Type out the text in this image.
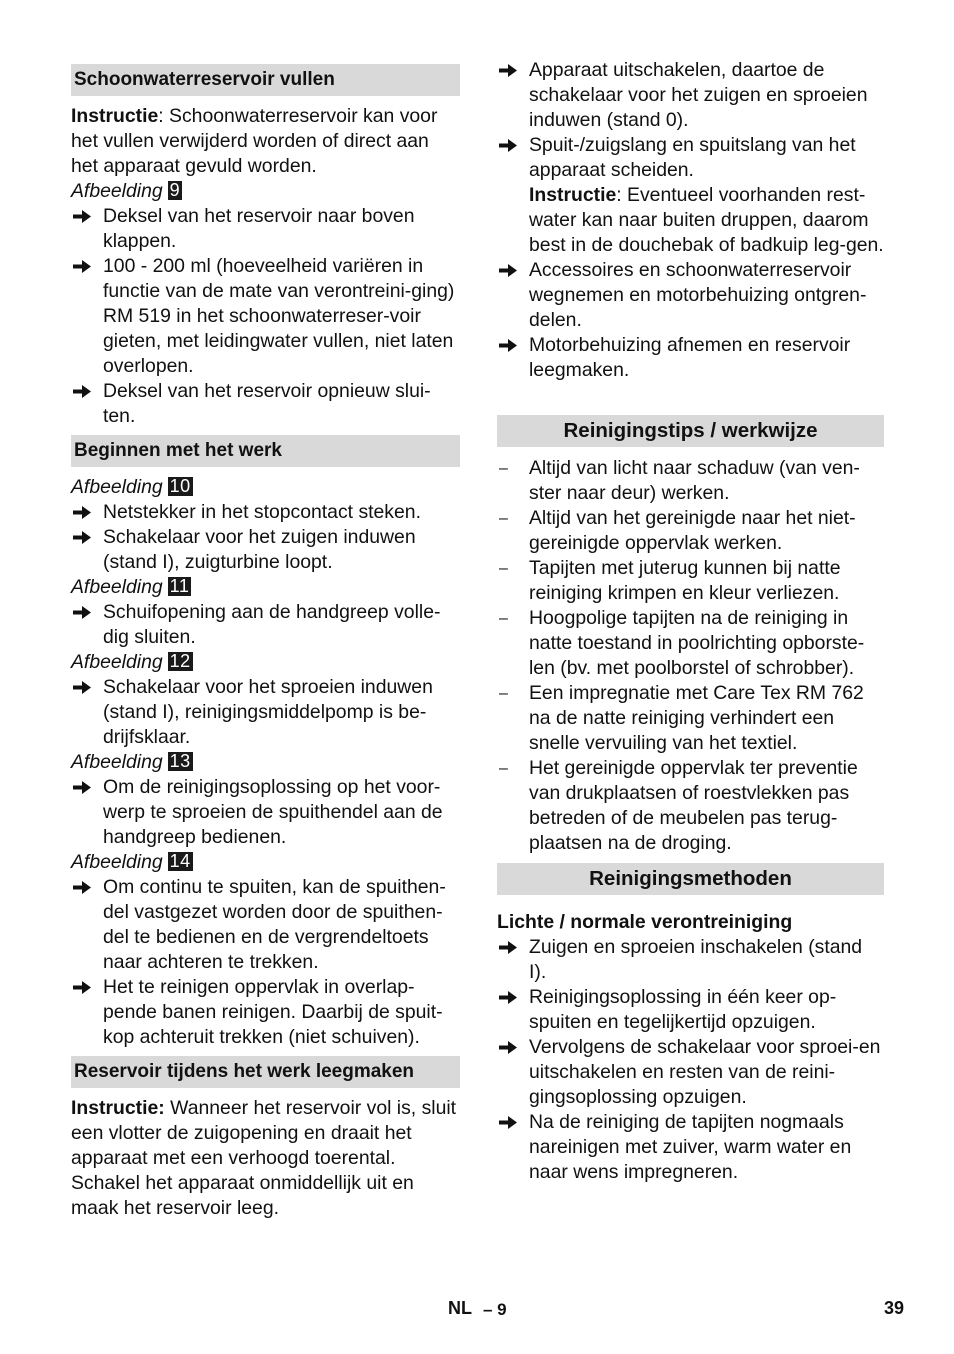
Schoonwaterreservoir vullen

Instructie: Schoonwaterreservoir kan voor het vullen verwijderd worden of direct aan het apparaat gevuld worden.

Afbeelding 9

Deksel van het reservoir naar boven klappen.

100 - 200 ml (hoeveelheid variëren in functie van de mate van verontreini-ging) RM 519 in het schoonwaterreser-voir gieten, met leidingwater vullen, niet laten overlopen.

Deksel van het reservoir opnieuw slui-ten.

Beginnen met het werk

Afbeelding 10

Netstekker in het stopcontact steken.

Schakelaar voor het zuigen induwen (stand I), zuigturbine loopt.

Afbeelding 11

Schuifopening aan de handgreep volle-dig sluiten.

Afbeelding 12

Schakelaar voor het sproeien induwen (stand I), reinigingsmiddelpomp is be-drijfsklaar.

Afbeelding 13

Om de reinigingsoplossing op het voor-werp te sproeien de spuithendel aan de handgreep bedienen.

Afbeelding 14

Om continu te spuiten, kan de spuithen-del vastgezet worden door de spuithen-del te bedienen en de vergrendeltoets naar achteren te trekken.

Het te reinigen oppervlak in overlap-pende banen reinigen. Daarbij de spuit-kop achteruit trekken (niet schuiven).

Reservoir tijdens het werk leegmaken

Instructie: Wanneer het reservoir vol is, sluit een vlotter de zuigopening en draait het apparaat met een verhoogd toerental. Schakel het apparaat onmiddellijk uit en maak het reservoir leeg.

Apparaat uitschakelen, daartoe de schakelaar voor het zuigen en sproeien induwen (stand 0).

Spuit-/zuigslang en spuitslang van het apparaat scheiden.

Instructie: Eventueel voorhanden rest-water kan naar buiten druppen, daarom best in de douchebak of badkuip leg-gen.

Accessoires en schoonwaterreservoir wegnemen en motorbehuizing ontgren-delen.

Motorbehuizing afnemen en reservoir leegmaken.

Reinigingstips / werkwijze

– Altijd van licht naar schaduw (van ven-ster naar deur) werken.

– Altijd van het gereinigde naar het niet-gereinigde oppervlak werken.

– Tapijten met juterug kunnen bij natte reiniging krimpen en kleur verliezen.

– Hoogpolige tapijten na de reiniging in natte toestand in poolrichting opborste-len (bv. met poolborstel of schrobber).

– Een impregnatie met Care Tex RM 762 na de natte reiniging verhindert een snelle vervuiling van het textiel.

– Het gereinigde oppervlak ter preventie van drukplaatsen of roestvlekken pas betreden of de meubelen pas terug-plaatsen na de droging.

Reinigingsmethoden

Lichte / normale verontreiniging

Zuigen en sproeien inschakelen (stand I).

Reinigingsoplossing in één keer op-spuiten en tegelijkertijd opzuigen.

Vervolgens de schakelaar voor sproei-en uitschakelen en resten van de reini-gingsoplossing opzuigen.

Na de reiniging de tapijten nogmaals nareinigen met zuiver, warm water en naar wens impregneren.

NL – 9	39
